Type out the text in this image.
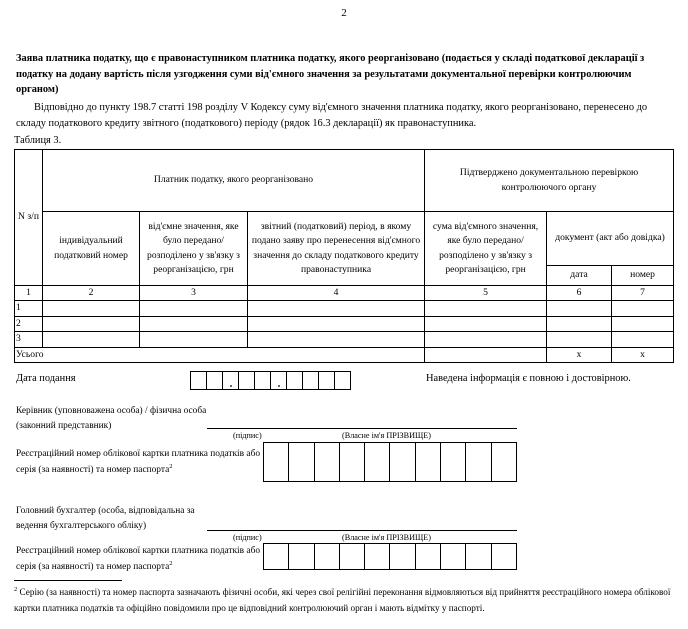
2
Заява платника податку, що є правонаступником платника податку, якого реорганізовано (подається у складі податкової декларації з податку на додану вартість після узгодження суми від'ємного значення за результатами документальної перевірки контролюючим органом)
Відповідно до пункту 198.7 статті 198 розділу V Кодексу суму від'ємного значення платника податку, якого реорганізовано, перенесено до складу податкового кредиту звітного (податкового) періоду (рядок 16.3 декларації) як правонаступника.
Таблиця 3.
N з/п	Платник податку, якого реорганізовано			Підтверджено документальною перевіркою контролюючого органу		
	індивідуальний податковий номер	від'ємне значення, яке було передано/розподілено у зв'язку з реорганізацією, грн	звітний (податковий) період, в якому подано заяву про перенесення від'ємного значення до складу податкового кредиту правонаступника	сума від'ємного значення, яке було передано/розподілено у зв'язку з реорганізацією, грн	документ (акт або довідка)	
					дата	номер
1	2	3	4	5	6	7
1						
2						
3						
Усього					x	x
Дата подання	Наведена інформація є повною і достовірною.
Керівник (уповноважена особа) / фізична особа (законний представник)
(підпис)	(Власне ім'я ПРІЗВИЩЕ)
Реєстраційний номер облікової картки платника податків або серія (за наявності) та номер паспорта$^2$
Головний бухгалтер (особа, відповідальна за ведення бухгалтерського обліку)
(підпис)	(Власне ім'я ПРІЗВИЩЕ)
Реєстраційний номер облікової картки платника податків або серія (за наявності) та номер паспорта$^2$
$^2$ Серію (за наявності) та номер паспорта зазначають фізичні особи, які через свої релігійні переконання відмовляються від прийняття реєстраційного номера облікової картки платника податків та офіційно повідомили про це відповідний контролюючий орган і мають відмітку у паспорті.
